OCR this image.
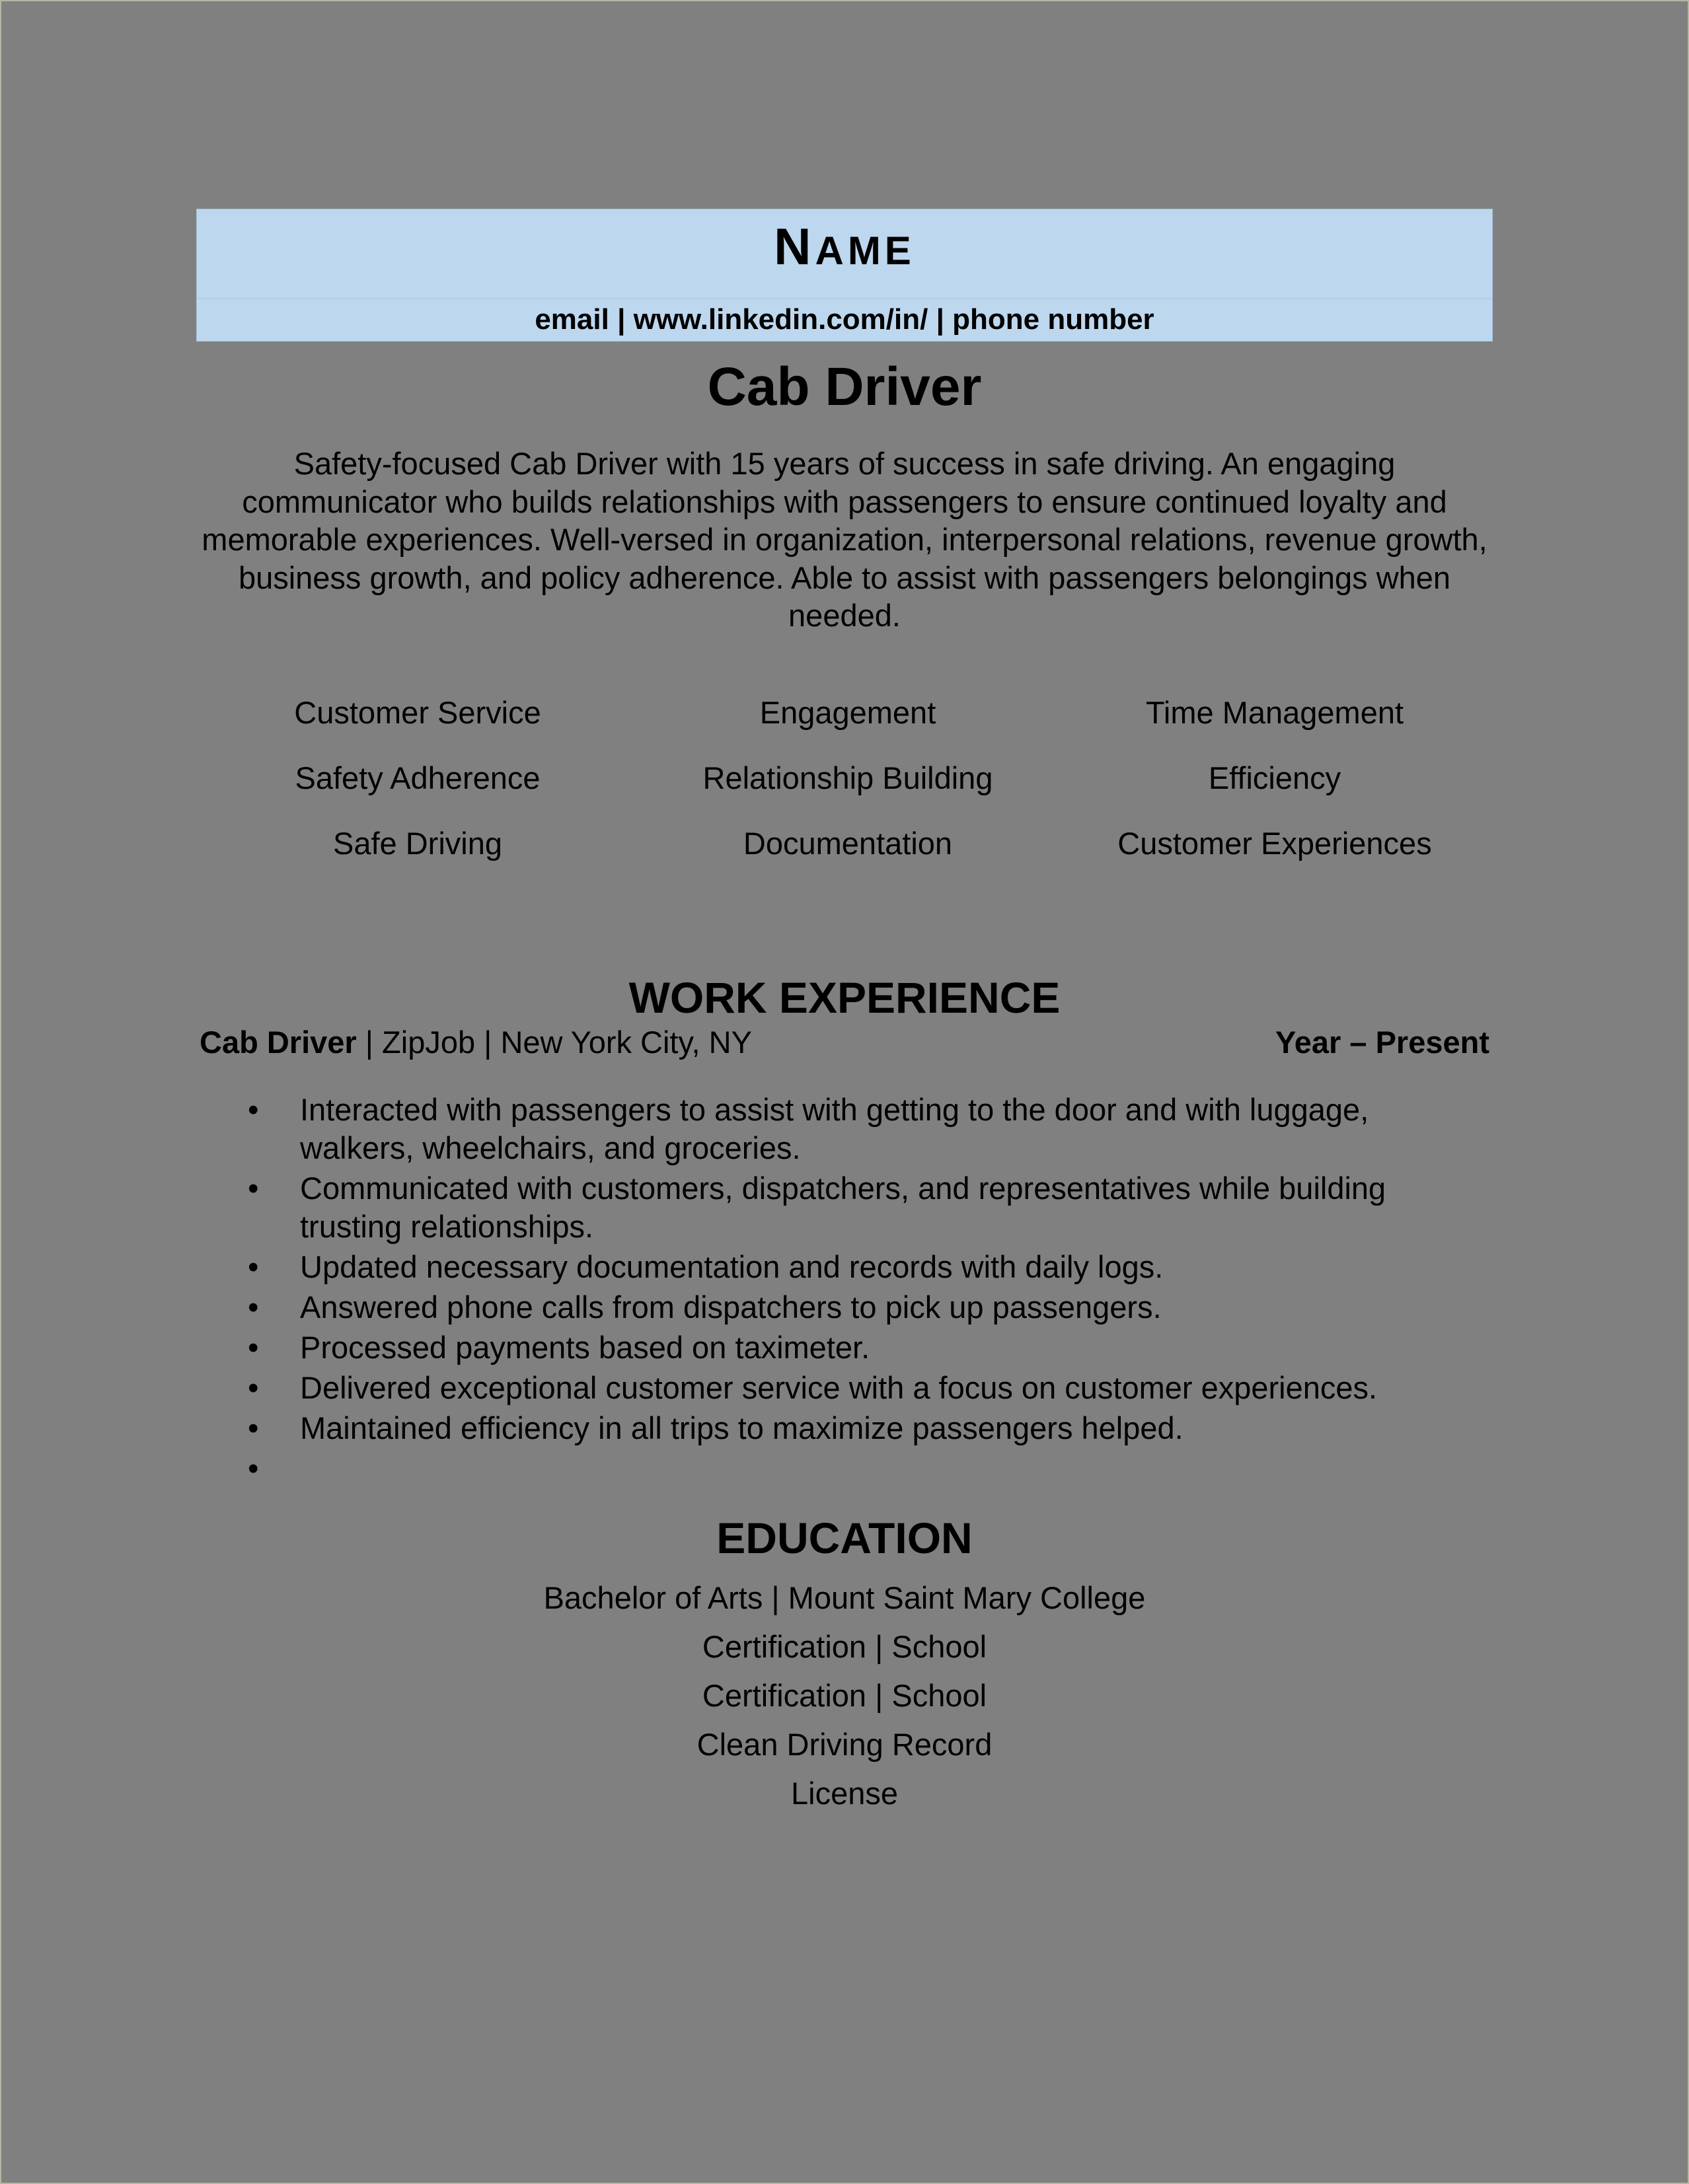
NAME
email | www.linkedin.com/in/ | phone number
Cab Driver
Safety-focused Cab Driver with 15 years of success in safe driving. An engaging communicator who builds relationships with passengers to ensure continued loyalty and memorable experiences. Well-versed in organization, interpersonal relations, revenue growth, business growth, and policy adherence. Able to assist with passengers belongings when needed.
Customer Service	Engagement	Time Management
Safety Adherence	Relationship Building	Efficiency
Safe Driving	Documentation	Customer Experiences
WORK EXPERIENCE
Cab Driver | ZipJob | New York City, NY	Year – Present
• Interacted with passengers to assist with getting to the door and with luggage, walkers, wheelchairs, and groceries.
• Communicated with customers, dispatchers, and representatives while building trusting relationships.
• Updated necessary documentation and records with daily logs.
• Answered phone calls from dispatchers to pick up passengers.
• Processed payments based on taximeter.
• Delivered exceptional customer service with a focus on customer experiences.
• Maintained efficiency in all trips to maximize passengers helped.
•
EDUCATION
Bachelor of Arts | Mount Saint Mary College
Certification | School
Certification | School
Clean Driving Record
License
